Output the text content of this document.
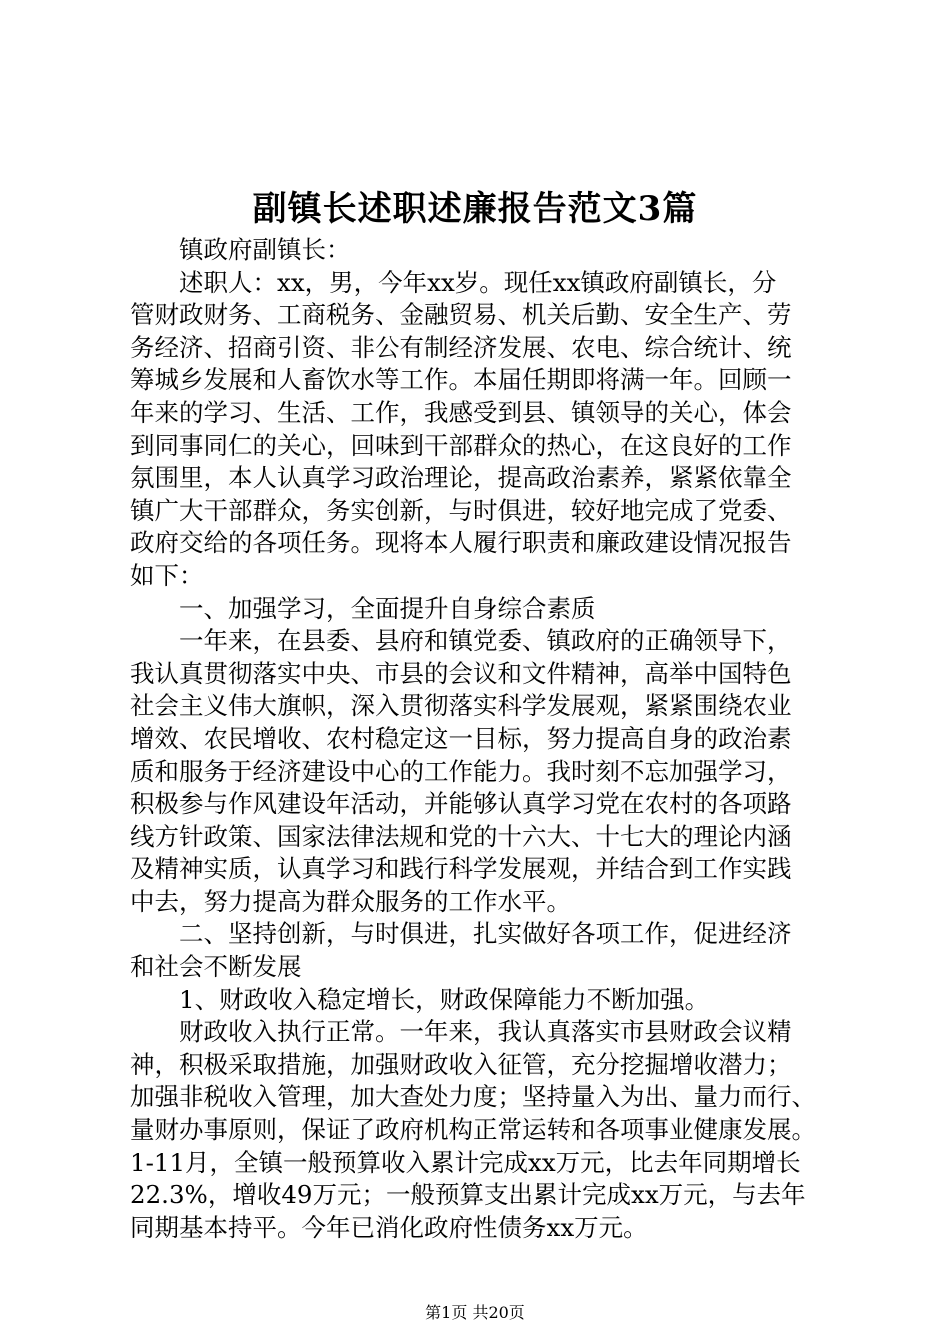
副镇长述职述廉报告范文3篇
镇政府副镇长：
述职人：xx，男，今年xx岁。现任xx镇政府副镇长，分
管财政财务、工商税务、金融贸易、机关后勤、安全生产、劳
务经济、招商引资、非公有制经济发展、农电、综合统计、统
筹城乡发展和人畜饮水等工作。本届任期即将满一年。回顾一
年来的学习、生活、工作，我感受到县、镇领导的关心，体会
到同事同仁的关心，回味到干部群众的热心，在这良好的工作
氛围里，本人认真学习政治理论，提高政治素养，紧紧依靠全
镇广大干部群众，务实创新，与时俱进，较好地完成了党委、
政府交给的各项任务。现将本人履行职责和廉政建设情况报告
如下：
一、加强学习，全面提升自身综合素质
一年来，在县委、县府和镇党委、镇政府的正确领导下，
我认真贯彻落实中央、市县的会议和文件精神，高举中国特色
社会主义伟大旗帜，深入贯彻落实科学发展观，紧紧围绕农业
增效、农民增收、农村稳定这一目标，努力提高自身的政治素
质和服务于经济建设中心的工作能力。我时刻不忘加强学习，
积极参与作风建设年活动，并能够认真学习党在农村的各项路
线方针政策、国家法律法规和党的十六大、十七大的理论内涵
及精神实质，认真学习和践行科学发展观，并结合到工作实践
中去，努力提高为群众服务的工作水平。
二、坚持创新，与时俱进，扎实做好各项工作，促进经济
和社会不断发展
1、财政收入稳定增长，财政保障能力不断加强。
财政收入执行正常。一年来，我认真落实市县财政会议精
神，积极采取措施，加强财政收入征管，充分挖掘增收潜力；
加强非税收入管理，加大查处力度；坚持量入为出、量力而行、
量财办事原则，保证了政府机构正常运转和各项事业健康发展。
1-11月，全镇一般预算收入累计完成xx万元，比去年同期增长
22.3%，增收49万元；一般预算支出累计完成xx万元，与去年
同期基本持平。今年已消化政府性债务xx万元。
第1页 共20页
